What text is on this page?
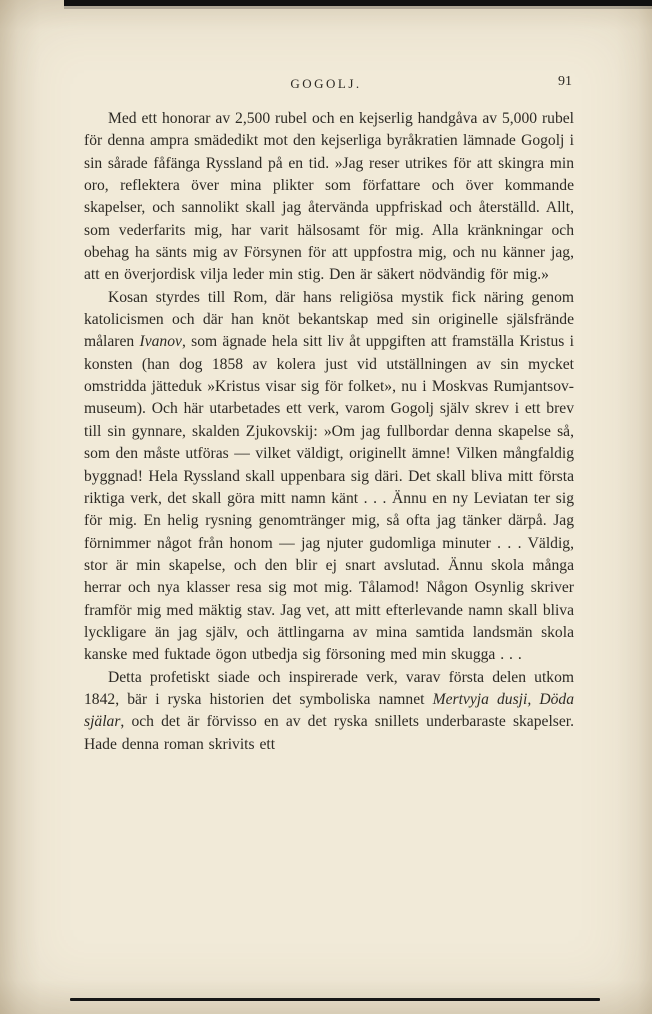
GOGOLJ.	91

Med ett honorar av 2,500 rubel och en kejserlig handgåva av 5,000 rubel för denna ampra smädedikt mot den kejserliga byråkratien lämnade Gogolj i sin sårade fåfänga Ryssland på en tid. »Jag reser utrikes för att skingra min oro, reflektera över mina plikter som författare och över kommande skapelser, och sannolikt skall jag återvända uppfriskad och återställd. Allt, som vederfarits mig, har varit hälsosamt för mig. Alla kränkningar och obehag ha sänts mig av Försynen för att uppfostra mig, och nu känner jag, att en överjordisk vilja leder min stig. Den är säkert nödvändig för mig.»

Kosan styrdes till Rom, där hans religiösa mystik fick näring genom katolicismen och där han knöt bekantskap med sin originelle själsfrände målaren Ivanov, som ägnade hela sitt liv åt uppgiften att framställa Kristus i konsten (han dog 1858 av kolera just vid utställningen av sin mycket omstridda jätteduk »Kristus visar sig för folket», nu i Moskvas Rumjantsov-museum). Och här utarbetades ett verk, varom Gogolj själv skrev i ett brev till sin gynnare, skalden Zjukovskij: »Om jag fullbordar denna skapelse så, som den måste utföras — vilket väldigt, originellt ämne! Vilken mångfaldig byggnad! Hela Ryssland skall uppenbara sig däri. Det skall bliva mitt första riktiga verk, det skall göra mitt namn känt . . . Ännu en ny Leviatan ter sig för mig. En helig rysning genomtränger mig, så ofta jag tänker därpå. Jag förnimmer något från honom — jag njuter gudomliga minuter . . . Väldig, stor är min skapelse, och den blir ej snart avslutad. Ännu skola många herrar och nya klasser resa sig mot mig. Tålamod! Någon Osynlig skriver framför mig med mäktig stav. Jag vet, att mitt efterlevande namn skall bliva lyckligare än jag själv, och ättlingarna av mina samtida landsmän skola kanske med fuktade ögon utbedja sig försoning med min skugga . . .

Detta profetiskt siade och inspirerade verk, varav första delen utkom 1842, bär i ryska historien det symboliska namnet Mertvyja dusji, Döda själar, och det är förvisso en av det ryska snillets underbaraste skapelser. Hade denna roman skrivits ett
